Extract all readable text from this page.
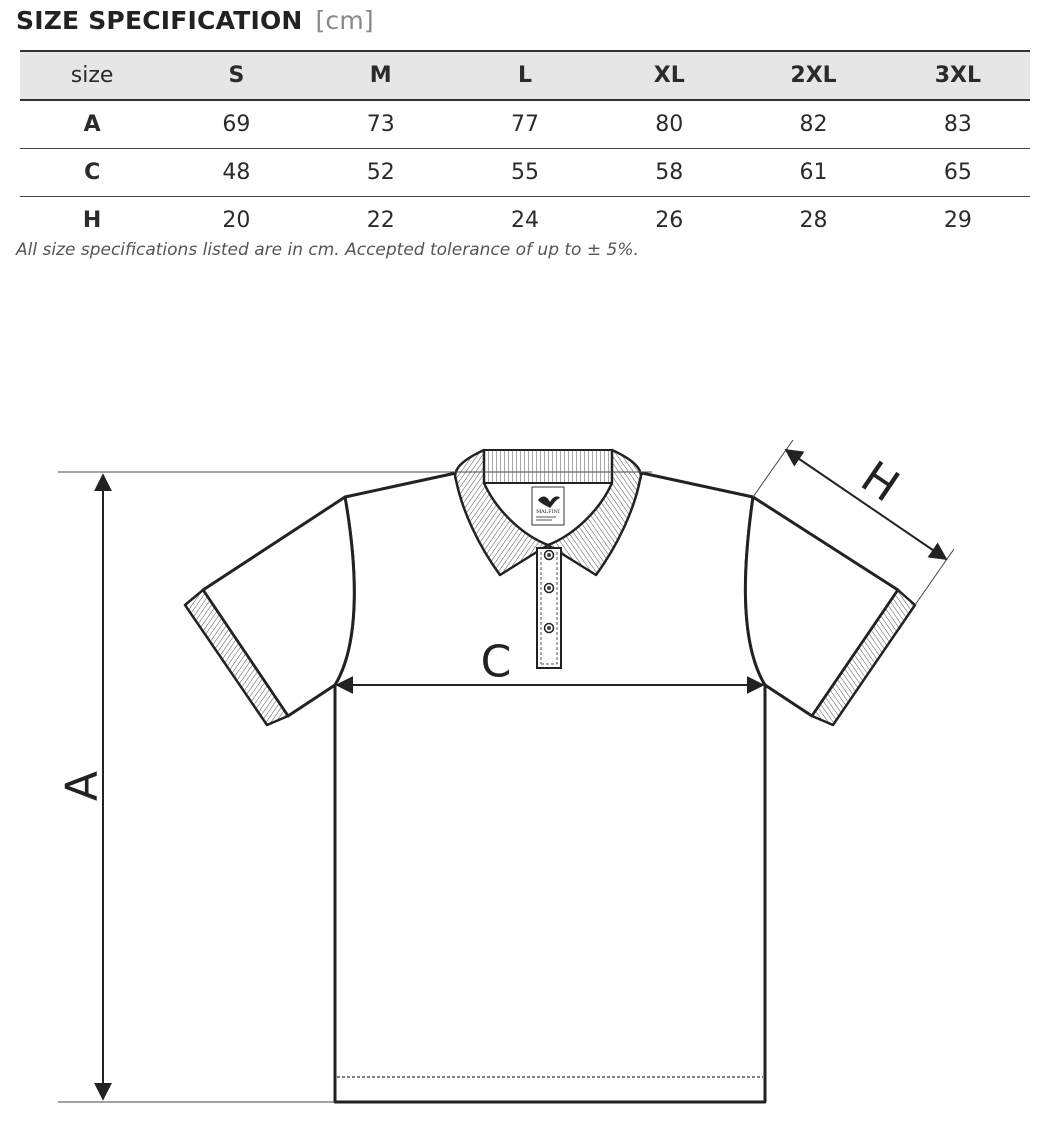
SIZE SPECIFICATION [cm]
size	S	M	L	XL	2XL	3XL
A	69	73	77	80	82	83
C	48	52	55	58	61	65
H	20	22	24	26	28	29
All size specifications listed are in cm. Accepted tolerance of up to ± 5%.
MALFINI
A
C
H
